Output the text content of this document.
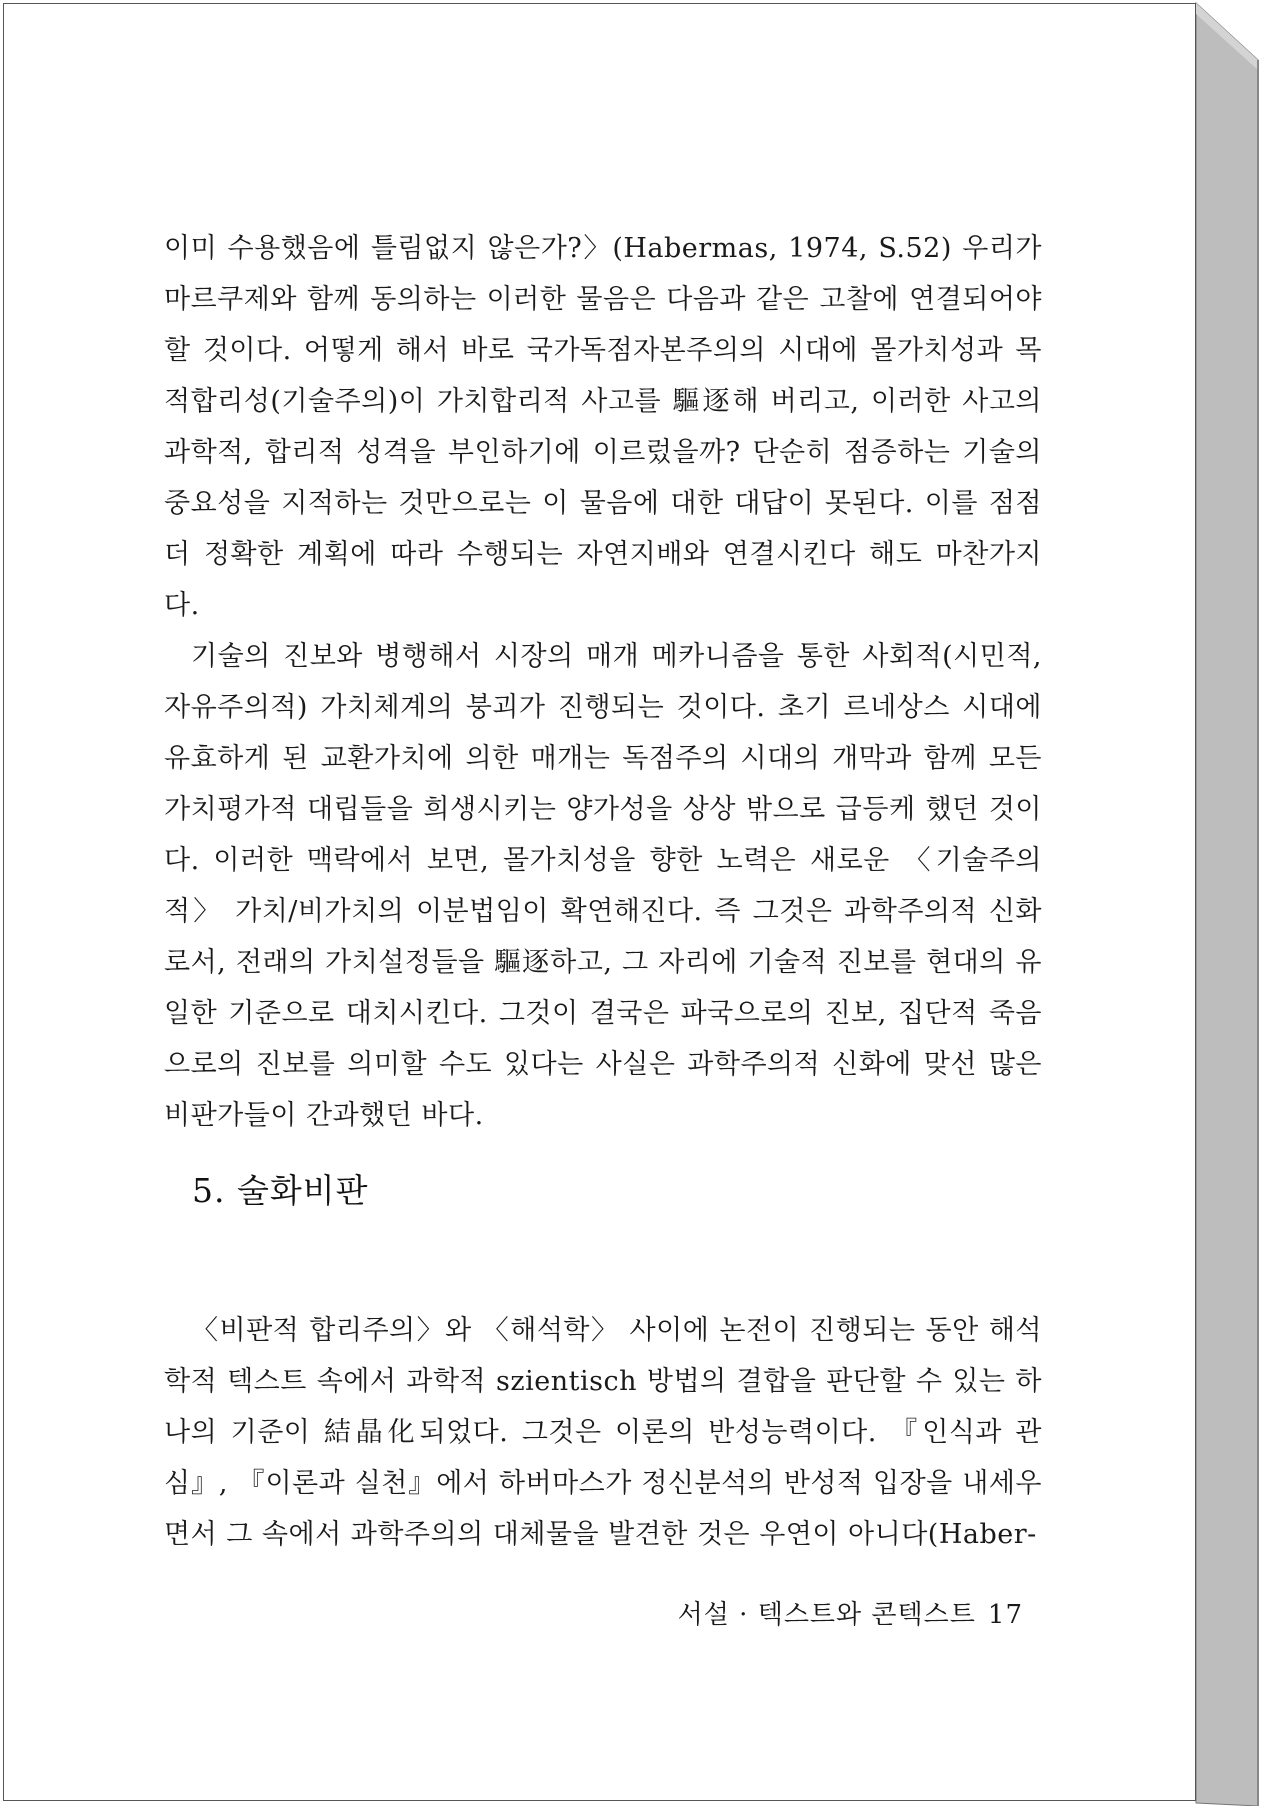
이미 수용했음에 틀림없지 않은가?〉(Habermas, 1974, S.52) 우리가 마르쿠제와 함께 동의하는 이러한 물음은 다음과 같은 고찰에 연결되어야 할 것이다. 어떻게 해서 바로 국가독점자본주의의 시대에 몰가치성과 목적합리성(기술주의)이 가치합리적 사고를 驅逐해 버리고, 이러한 사고의 과학적, 합리적 성격을 부인하기에 이르렀을까? 단순히 점증하는 기술의 중요성을 지적하는 것만으로는 이 물음에 대한 대답이 못된다. 이를 점점 더 정확한 계획에 따라 수행되는 자연지배와 연결시킨다 해도 마찬가지다.

기술의 진보와 병행해서 시장의 매개 메카니즘을 통한 사회적(시민적, 자유주의적) 가치체계의 붕괴가 진행되는 것이다. 초기 르네상스 시대에 유효하게 된 교환가치에 의한 매개는 독점주의 시대의 개막과 함께 모든 가치평가적 대립들을 희생시키는 양가성을 상상 밖으로 급등케 했던 것이다. 이러한 맥락에서 보면, 몰가치성을 향한 노력은 새로운 〈기술주의적〉 가치/비가치의 이분법임이 확연해진다. 즉 그것은 과학주의적 신화로서, 전래의 가치설정들을 驅逐하고, 그 자리에 기술적 진보를 현대의 유일한 기준으로 대치시킨다. 그것이 결국은 파국으로의 진보, 집단적 죽음으로의 진보를 의미할 수도 있다는 사실은 과학주의적 신화에 맞선 많은 비판가들이 간과했던 바다.

5. 술화비판

〈비판적 합리주의〉와 〈해석학〉 사이에 논전이 진행되는 동안 해석학적 텍스트 속에서 과학적 szientisch 방법의 결합을 판단할 수 있는 하나의 기준이 結晶化되었다. 그것은 이론의 반성능력이다. 『인식과 관심』, 『이론과 실천』에서 하버마스가 정신분석의 반성적 입장을 내세우면서 그 속에서 과학주의의 대체물을 발견한 것은 우연이 아니다(Haber-

서설 · 텍스트와 콘텍스트 17
